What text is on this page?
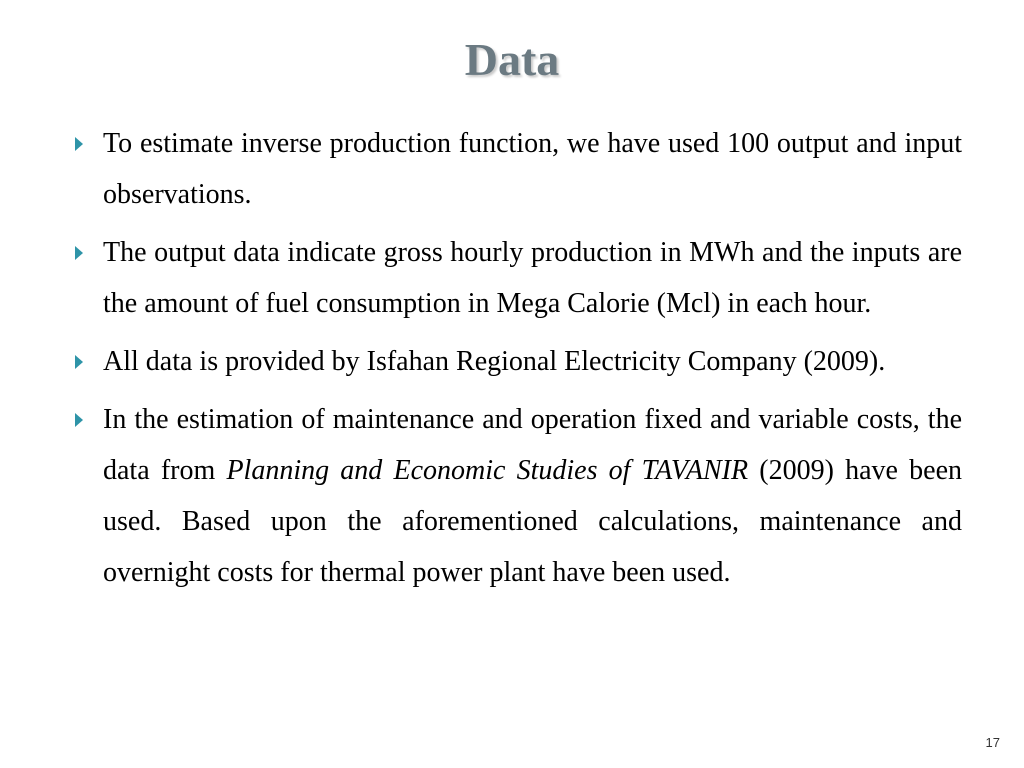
Data
To estimate inverse production function, we have used 100 output and input observations.
The output data indicate gross hourly production in MWh and the inputs are the amount of fuel consumption in Mega Calorie (Mcl) in each hour.
All data is provided by Isfahan Regional Electricity Company (2009).
In the estimation of maintenance and operation fixed and variable costs, the data from Planning and Economic Studies of TAVANIR (2009) have been used. Based upon the aforementioned calculations, maintenance and overnight costs for thermal power plant have been used.
17
